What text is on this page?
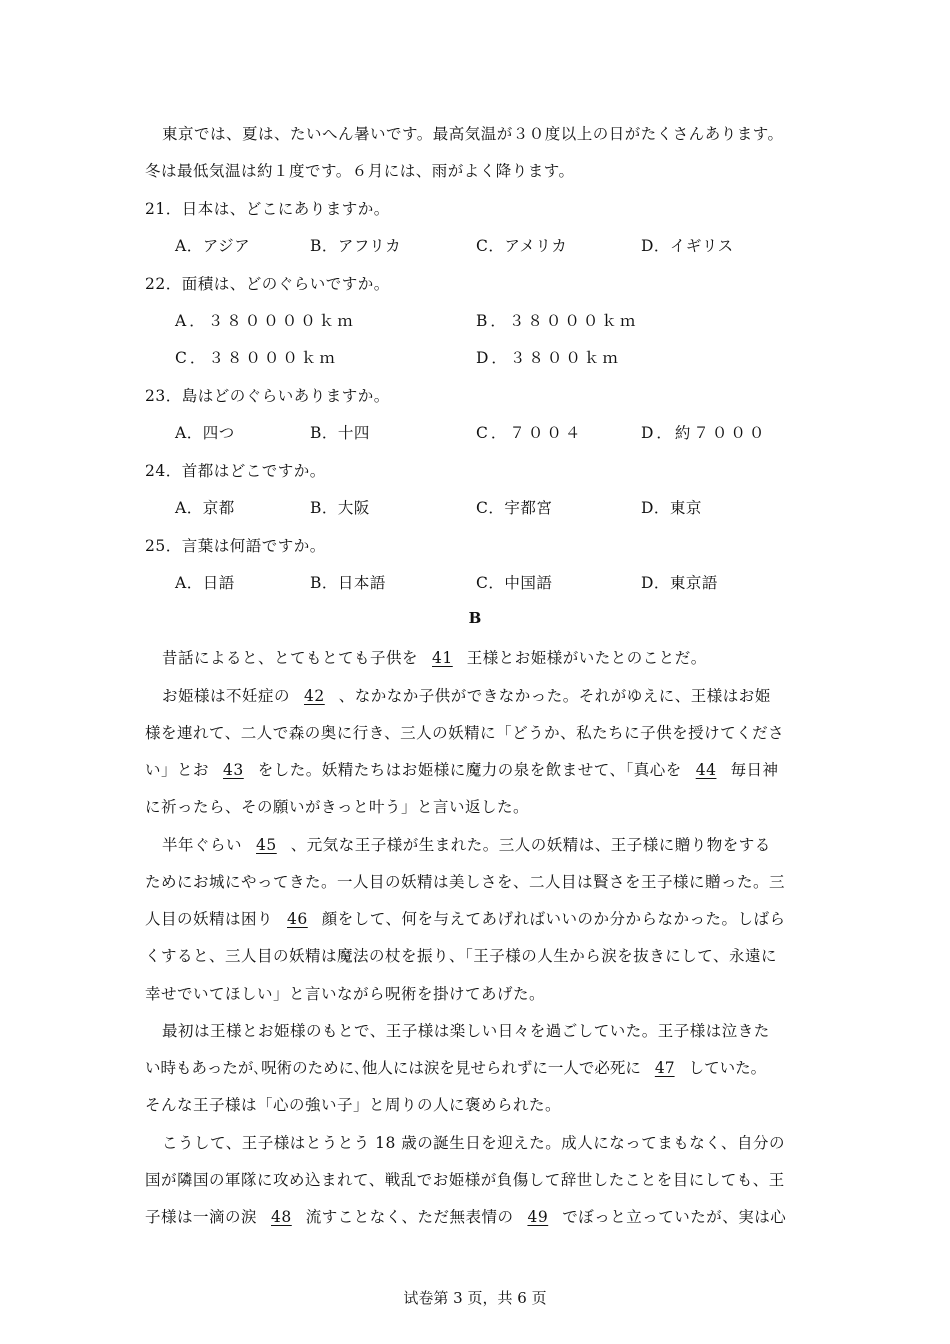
東京では、夏は、たいへん暑いです。最高気温が３０度以上の日がたくさんあります。
冬は最低気温は約１度です。６月には、雨がよく降ります。
21．日本は、どこにありますか。
A．アジア	B．アフリカ	C．アメリカ	D．イギリス
22．面積は、どのぐらいですか。
A．３８００００ｋｍ	B．３８０００ｋｍ
C．３８０００ｋｍ	D．３８００ｋｍ
23．島はどのぐらいありますか。
A．四つ	B．十四	C．７００４	D．約７０００
24．首都はどこですか。
A．京都	B．大阪	C．宇都宮	D．東京
25．言葉は何語ですか。
A．日語	B．日本語	C．中国語	D．東京語
B
昔話によると、とてもとても子供を 41 王様とお姫様がいたとのことだ。
お姫様は不妊症の 42 、なかなか子供ができなかった。それがゆえに、王様はお姫
様を連れて、二人で森の奥に行き、三人の妖精に「どうか、私たちに子供を授けてくださ
い」とお 43 をした。妖精たちはお姫様に魔力の泉を飲ませて、「真心を 44 毎日神
に祈ったら、その願いがきっと叶う」と言い返した。
半年ぐらい 45 、元気な王子様が生まれた。三人の妖精は、王子様に贈り物をする
ためにお城にやってきた。一人目の妖精は美しさを、二人目は賢さを王子様に贈った。三
人目の妖精は困り 46 顔をして、何を与えてあげればいいのか分からなかった。しばら
くすると、三人目の妖精は魔法の杖を振り、「王子様の人生から涙を抜きにして、永遠に
幸せでいてほしい」と言いながら呪術を掛けてあげた。
最初は王様とお姫様のもとで、王子様は楽しい日々を過ごしていた。王子様は泣きた
い時もあったが､呪術のために､他人には涙を見せられずに一人で必死に 47 していた。
そんな王子様は「心の強い子」と周りの人に褒められた。
こうして、王子様はとうとう 18 歳の誕生日を迎えた。成人になってまもなく、自分の
国が隣国の軍隊に攻め込まれて、戦乱でお姫様が負傷して辞世したことを目にしても、王
子様は一滴の涙 48 流すことなく、ただ無表情の 49 でぼっと立っていたが、実は心
试卷第 3 页，共 6 页
